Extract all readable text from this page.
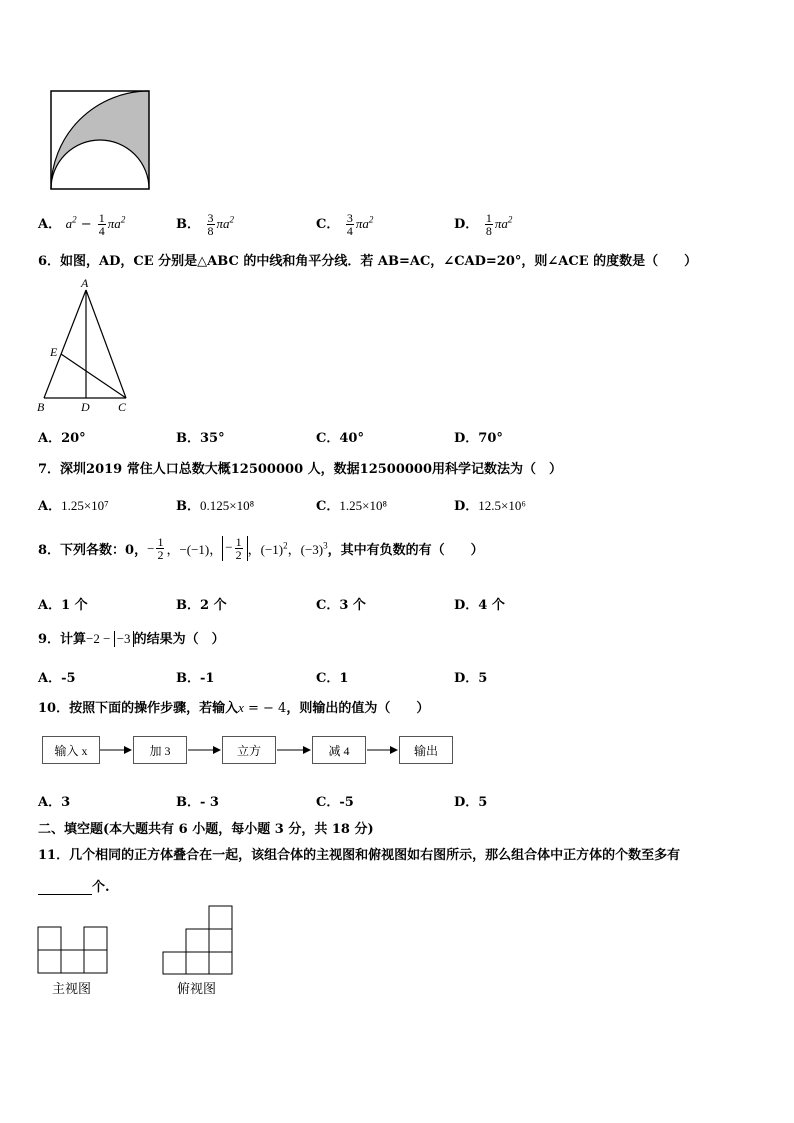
A． $a^2 - \frac{1}{4} \pi a^2$	B． $\frac{3}{8} \pi a^2$	C． $\frac{3}{4} \pi a^2$	D． $\frac{1}{8} \pi a^2$
6．如图，AD，CE 分别是△ABC 的中线和角平分线．若 AB=AC，∠CAD=20°，则∠ACE 的度数是（　　）
A
E
B	D C
A．20°	B．35°	C．40°	D．70°
7．深圳2019 常住人口总数大概12500000 人，数据12500000用科学记数法为（　）
A．1.25×10⁷	B．0.125×10⁸	C．1.25×10⁸	D．12.5×10⁶
8．下列各数：0， − $\frac{1}{2}$ ，−(−1)， − $\frac{1}{2}$ ，$(-1)^2$，$(-3)^3$ ，其中有负数的有（　　）
A．1 个	B．2 个	C．3 个	D．4 个
9．计算−2 − −3 的结果为（　）
A．-5	B．-1	C．1	D．5
10．按照下面的操作步骤，若输入x = − 4，则输出的值为（　　）
输入 x	加 3	立方	减 4	输出
A．3	B．- 3	C．-5	D．5
二、填空题(本大题共有 6 小题，每小题 3 分，共 18 分)
11．几个相同的正方体叠合在一起，该组合体的主视图和俯视图如右图所示，那么组合体中正方体的个数至多有
个.
主视图	俯视图
